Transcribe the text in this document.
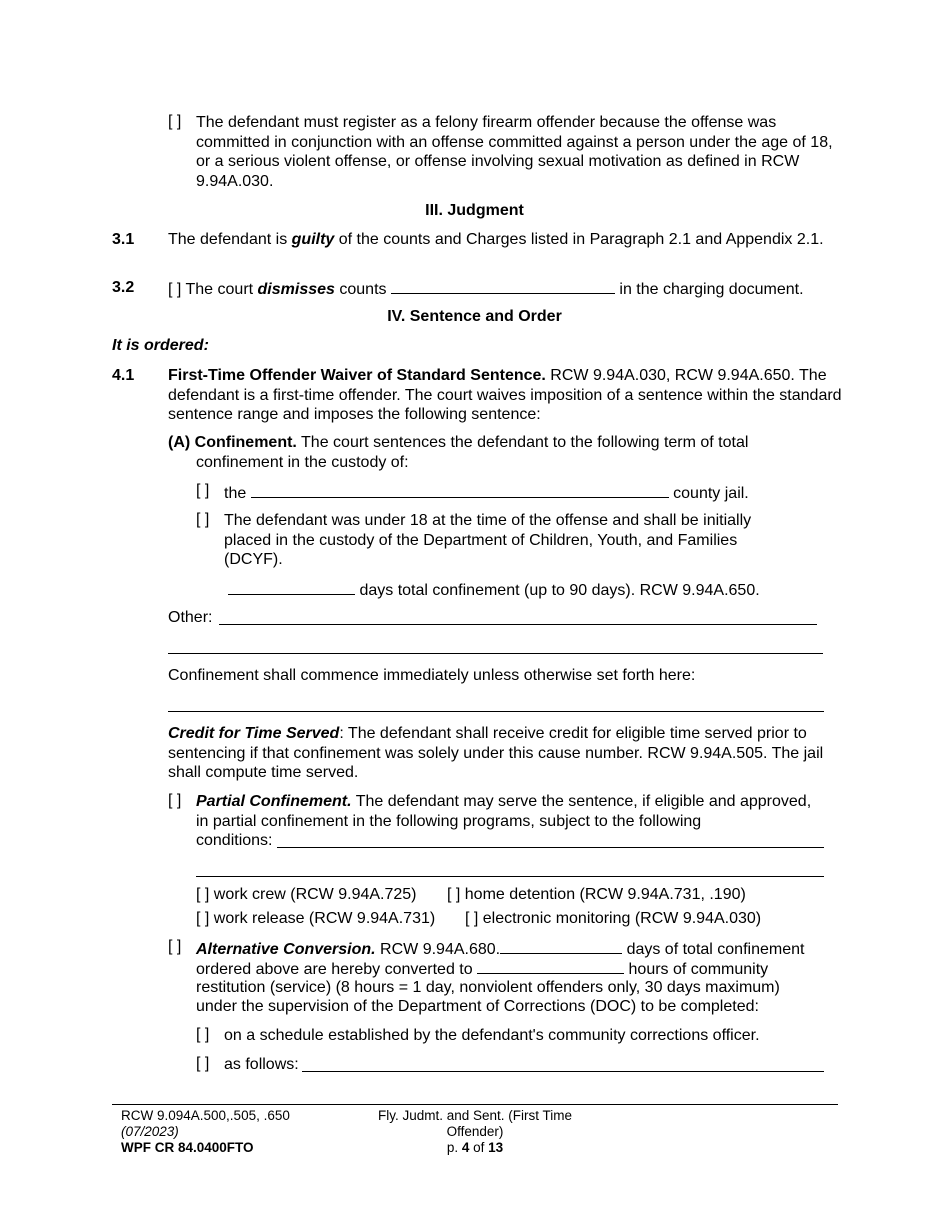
[ ] The defendant must register as a felony firearm offender because the offense was committed in conjunction with an offense committed against a person under the age of 18, or a serious violent offense, or offense involving sexual motivation as defined in RCW 9.94A.030.
III. Judgment
3.1 The defendant is guilty of the counts and Charges listed in Paragraph 2.1 and Appendix 2.1.
3.2 [ ] The court dismisses counts	in the charging document.
IV. Sentence and Order
It is ordered:
4.1 First-Time Offender Waiver of Standard Sentence. RCW 9.94A.030, RCW 9.94A.650. The defendant is a first-time offender. The court waives imposition of a sentence within the standard sentence range and imposes the following sentence:
(A) Confinement. The court sentences the defendant to the following term of total confinement in the custody of:
[ ] the	county jail.
[ ] The defendant was under 18 at the time of the offense and shall be initially placed in the custody of the Department of Children, Youth, and Families (DCYF).
days total confinement (up to 90 days). RCW 9.94A.650.
Other:
Confinement shall commence immediately unless otherwise set forth here:
Credit for Time Served: The defendant shall receive credit for eligible time served prior to sentencing if that confinement was solely under this cause number. RCW 9.94A.505. The jail shall compute time served.
[ ] Partial Confinement. The defendant may serve the sentence, if eligible and approved, in partial confinement in the following programs, subject to the following
conditions:
[ ] work crew (RCW 9.94A.725) [ ] home detention (RCW 9.94A.731, .190)
[ ] work release (RCW 9.94A.731) [ ] electronic monitoring (RCW 9.94A.030)
[ ] Alternative Conversion. RCW 9.94A.680.	days of total confinement
ordered above are hereby converted to	hours of community
restitution (service) (8 hours = 1 day, nonviolent offenders only, 30 days maximum)
under the supervision of the Department of Corrections (DOC) to be completed:
[ ] on a schedule established by the defendant's community corrections officer.
[ ] as follows:
RCW 9.094A.500,.505, .650
(07/2023)
WPF CR 84.0400FTO
Fly. Judmt. and Sent. (First Time
Offender)
p. 4 of 13
